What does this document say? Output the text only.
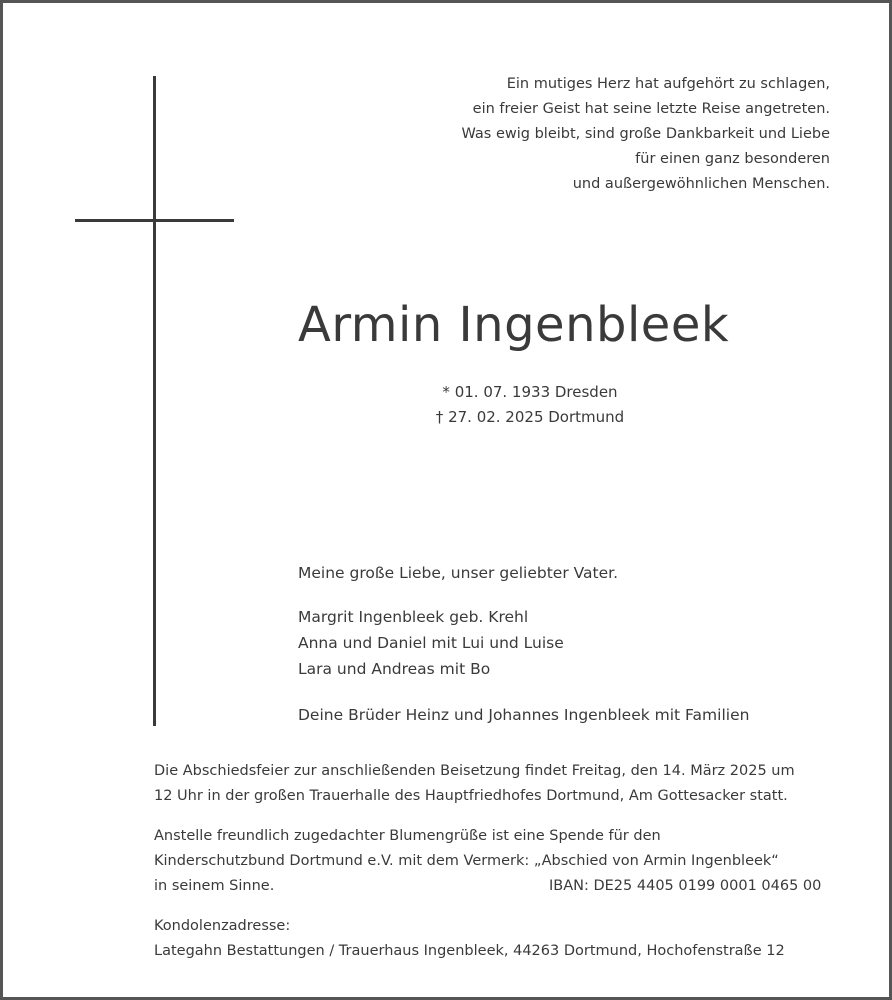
Ein mutiges Herz hat aufgehört zu schlagen,
ein freier Geist hat seine letzte Reise angetreten.
Was ewig bleibt, sind große Dankbarkeit und Liebe
für einen ganz besonderen
und außergewöhnlichen Menschen.
Armin Ingenbleek
* 01. 07. 1933 Dresden
† 27. 02. 2025 Dortmund
Meine große Liebe, unser geliebter Vater.
Margrit Ingenbleek geb. Krehl
Anna und Daniel mit Lui und Luise
Lara und Andreas mit Bo
Deine Brüder Heinz und Johannes Ingenbleek mit Familien
Die Abschiedsfeier zur anschließenden Beisetzung findet Freitag, den 14. März 2025 um
12 Uhr in der großen Trauerhalle des Hauptfriedhofes Dortmund, Am Gottesacker statt.
Anstelle freundlich zugedachter Blumengrüße ist eine Spende für den
Kinderschutzbund Dortmund e.V. mit dem Vermerk: „Abschied von Armin Ingenbleek“
in seinem Sinne.	IBAN: DE25 4405 0199 0001 0465 00
Kondolenzadresse:
Lategahn Bestattungen / Trauerhaus Ingenbleek, 44263 Dortmund, Hochofenstraße 12
